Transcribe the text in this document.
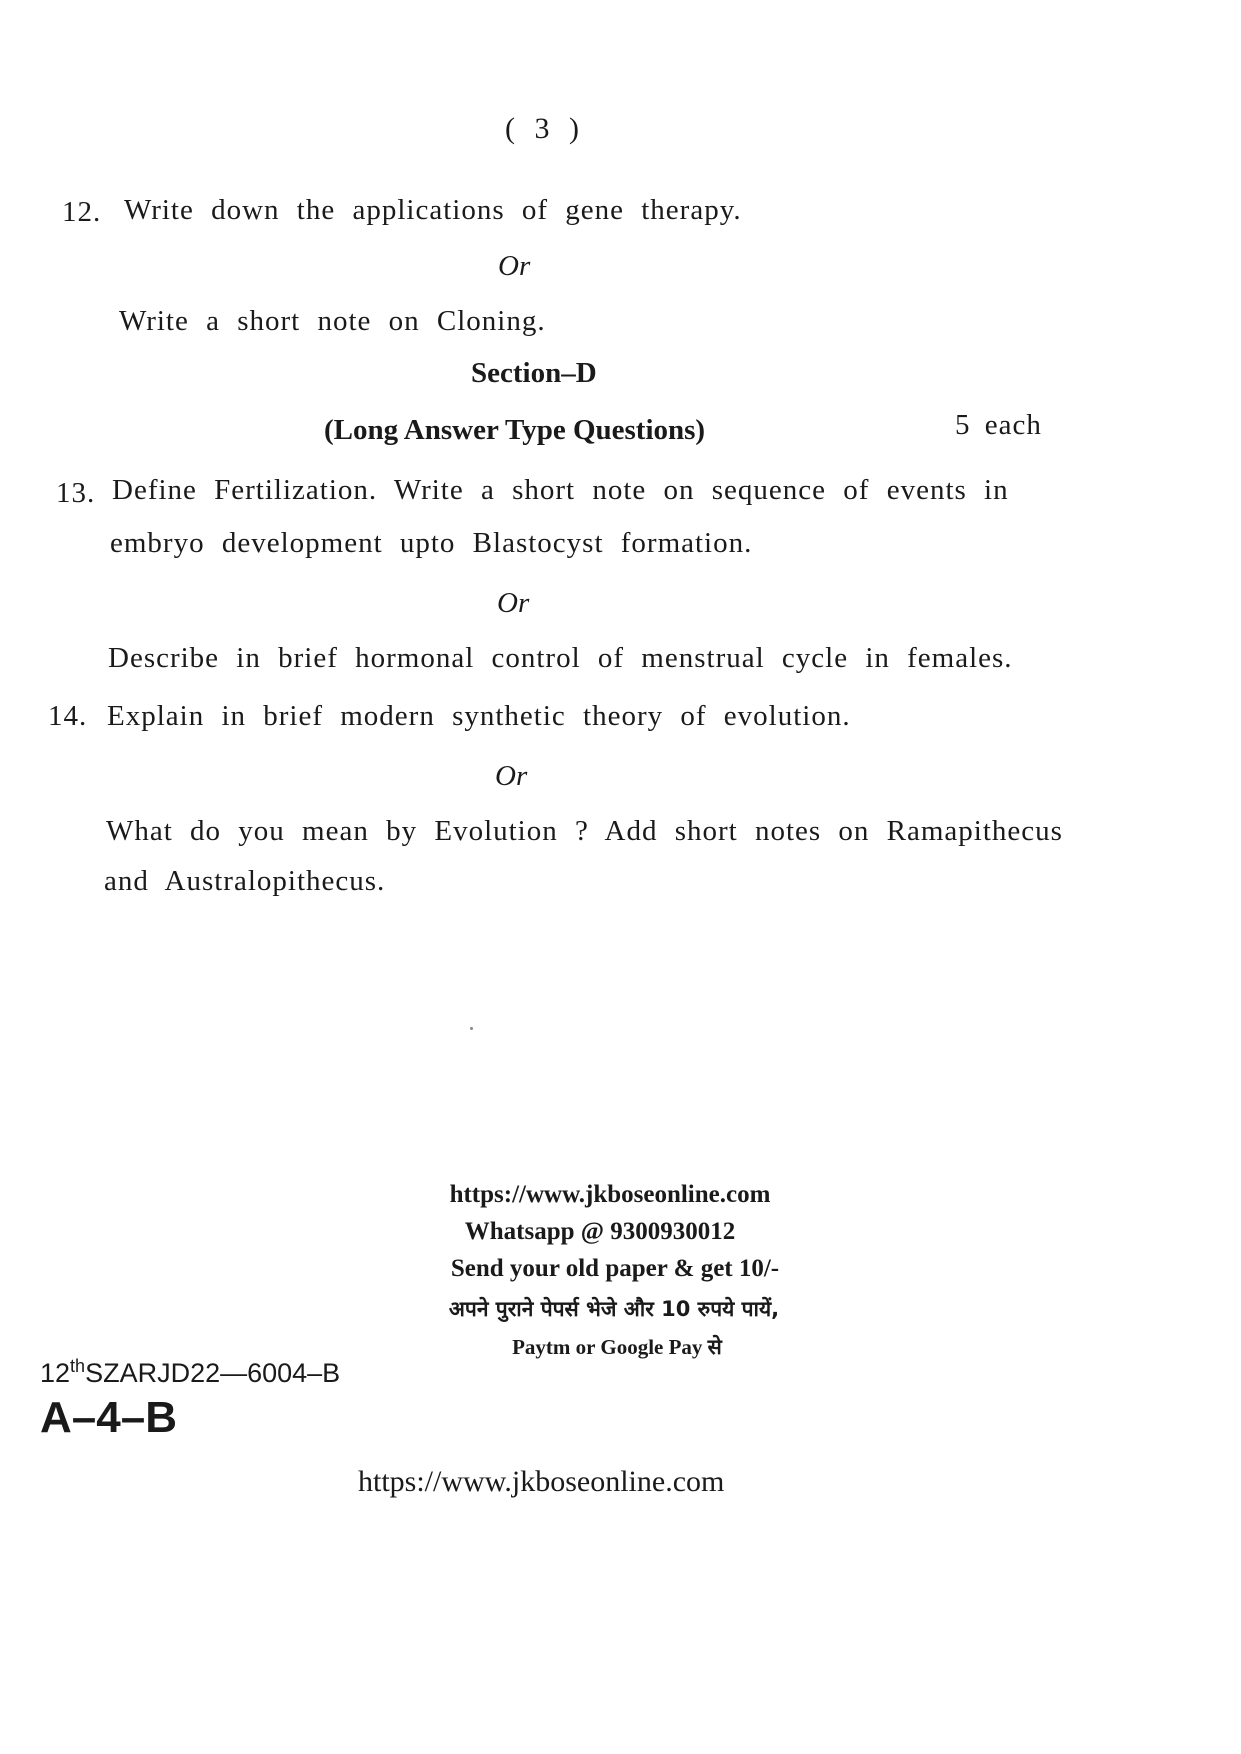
( 3 )
12. Write down the applications of gene therapy.
Or
Write a short note on Cloning.
Section–D
(Long Answer Type Questions)	5 each
13. Define Fertilization. Write a short note on sequence of events in
embryo development upto Blastocyst formation.
Or
Describe in brief hormonal control of menstrual cycle in females.
14. Explain in brief modern synthetic theory of evolution.
Or
What do you mean by Evolution ? Add short notes on Ramapithecus
and Australopithecus.
https://www.jkboseonline.com
Whatsapp @ 9300930012
Send your old paper & get 10/-
अपने पुराने पेपर्स भेजे और 10 रुपये पायें,
Paytm or Google Pay से
12thSZARJD22—6004–B
A–4–B
https://www.jkboseonline.com
